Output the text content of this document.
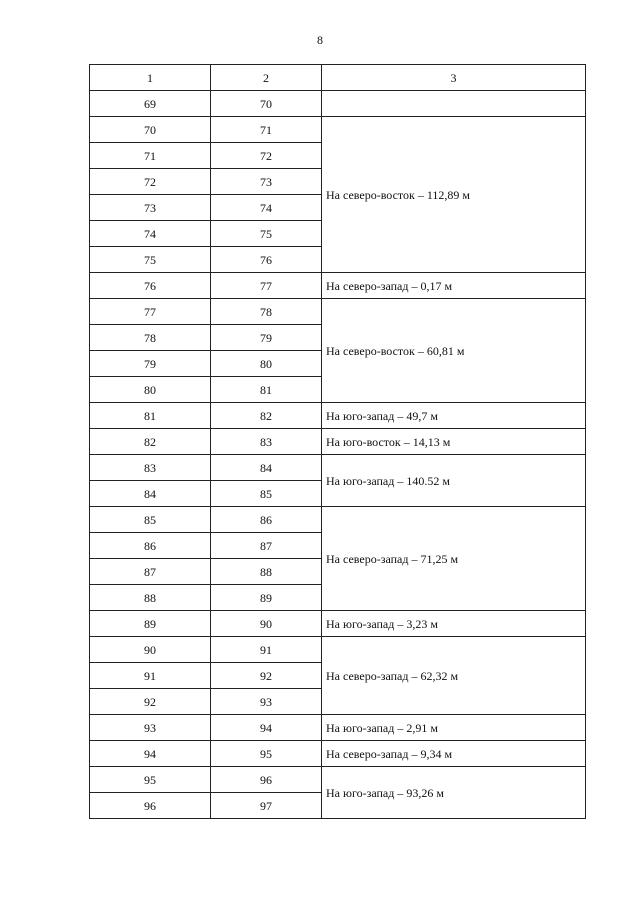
8
1	2	3
69	70	
70	71	На северо-восток – 112,89 м
71	72	
72	73	
73	74	
74	75	
75	76	
76	77	На северо-запад – 0,17 м
77	78	На северо-восток – 60,81 м
78	79	
79	80	
80	81	
81	82	На юго-запад – 49,7 м
82	83	На юго-восток – 14,13 м
83	84	На юго-запад – 140.52 м
84	85	
85	86	На северо-запад – 71,25 м
86	87	
87	88	
88	89	
89	90	На юго-запад – 3,23 м
90	91	На северо-запад – 62,32 м
91	92	
92	93	
93	94	На юго-запад – 2,91 м
94	95	На северо-запад – 9,34 м
95	96	На юго-запад – 93,26 м
96	97	
